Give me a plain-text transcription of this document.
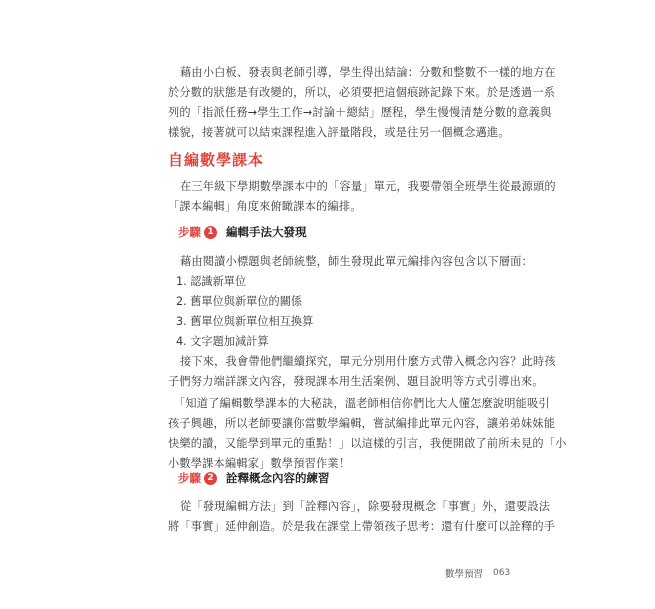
藉由小白板、發表與老師引導，學生得出結論：分數和整數不一樣的地方在
於分數的狀態是有改變的，所以，必須要把這個痕跡記錄下來。於是透過一系
列的「指派任務→學生工作→討論＋總結」歷程，學生慢慢清楚分數的意義與
樣貌，接著就可以結束課程進入評量階段，或是往另一個概念邁進。

自編數學課本

在三年級下學期數學課本中的「容量」單元，我要帶領全班學生從最源頭的
「課本編輯」角度來俯瞰課本的編排。

步驟 1 編輯手法大發現

藉由閱讀小標題與老師統整，師生發現此單元編排內容包含以下層面：

1. 認識新單位
2. 舊單位與新單位的關係
3. 舊單位與新單位相互換算
4. 文字題加減計算

接下來，我會帶他們繼續探究，單元分別用什麼方式帶入概念內容？此時孩
子們努力端詳課文內容，發現課本用生活案例、題目說明等方式引導出來。

「知道了編輯數學課本的大秘訣，溫老師相信你們比大人懂怎麼說明能吸引
孩子興趣，所以老師要讓你當數學編輯，嘗試編排此單元內容，讓弟弟妹妹能
快樂的讀，又能學到單元的重點！」以這樣的引言，我便開啟了前所未見的「小
小數學課本編輯家」數學預習作業！

步驟 2 詮釋概念內容的練習

從「發現編輯方法」到「詮釋內容」，除要發現概念「事實」外，還要設法
將「事實」延伸創造。於是我在課堂上帶領孩子思考：還有什麼可以詮釋的手

數學預習 063
